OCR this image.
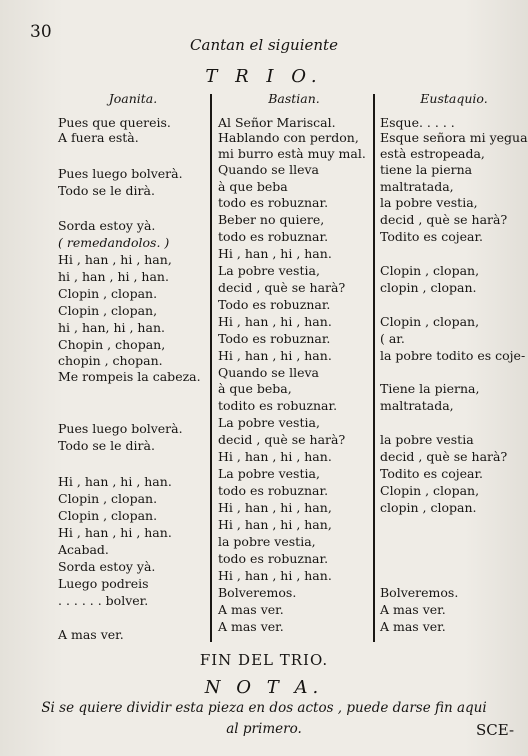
30
Cantan el siguiente
T R I O.
Joanita.
Pues que quereis.
A fuera està.
Pues luego bolverà.
Todo se le dirà.
Sorda estoy yà.
( remedandolos. )
Hi , han , hi , han,
hi , han , hi , han.
Clopin , clopan.
Clopin , clopan,
hi , han, hi , han.
Chopin , chopan,
chopin , chopan.
Me rompeis la cabeza.
Pues luego bolverà.
Todo se le dirà.
Hi , han , hi , han.
Clopin , clopan.
Clopin , clopan.
Hi , han , hi , han.
Acabad.
Sorda estoy yà.
Luego podreis
. . . . . . bolver.
A mas ver.
Bastian.
Al Señor Mariscal.
Hablando con perdon,
mi burro està muy mal.
Quando se lleva
à que beba
todo es robuznar.
Beber no quiere,
todo es robuznar.
Hi , han , hi , han.
La pobre vestia,
decid , què se harà?
Todo es robuznar.
Hi , han , hi , han.
Todo es robuznar.
Hi , han , hi , han.
Quando se lleva
à que beba,
todito es robuznar.
La pobre vestia,
decid , què se harà?
Hi , han , hi , han.
La pobre vestia,
todo es robuznar.
Hi , han , hi , han,
Hi , han , hi , han,
la pobre vestia,
todo es robuznar.
Hi , han , hi , han.
Bolveremos.
A mas ver.
A mas ver.
Eustaquio.
Esque. . . . .
Esque señora mi yegua
està estropeada,
tiene la pierna
maltratada,
la pobre vestia,
decid , què se harà?
Todito es cojear.
Clopin , clopan,
clopin , clopan.
Clopin , clopan,
( ar.
la pobre todito es coje-
Tiene la pierna,
maltratada,
la pobre vestia
decid , què se harà?
Todito es cojear.
Clopin , clopan,
clopin , clopan.
Bolveremos.
A mas ver.
A mas ver.
FIN DEL TRIO.
N O T A.
Si se quiere dividir esta pieza en dos actos , puede darse fin aqui
al primero.	SCE-
